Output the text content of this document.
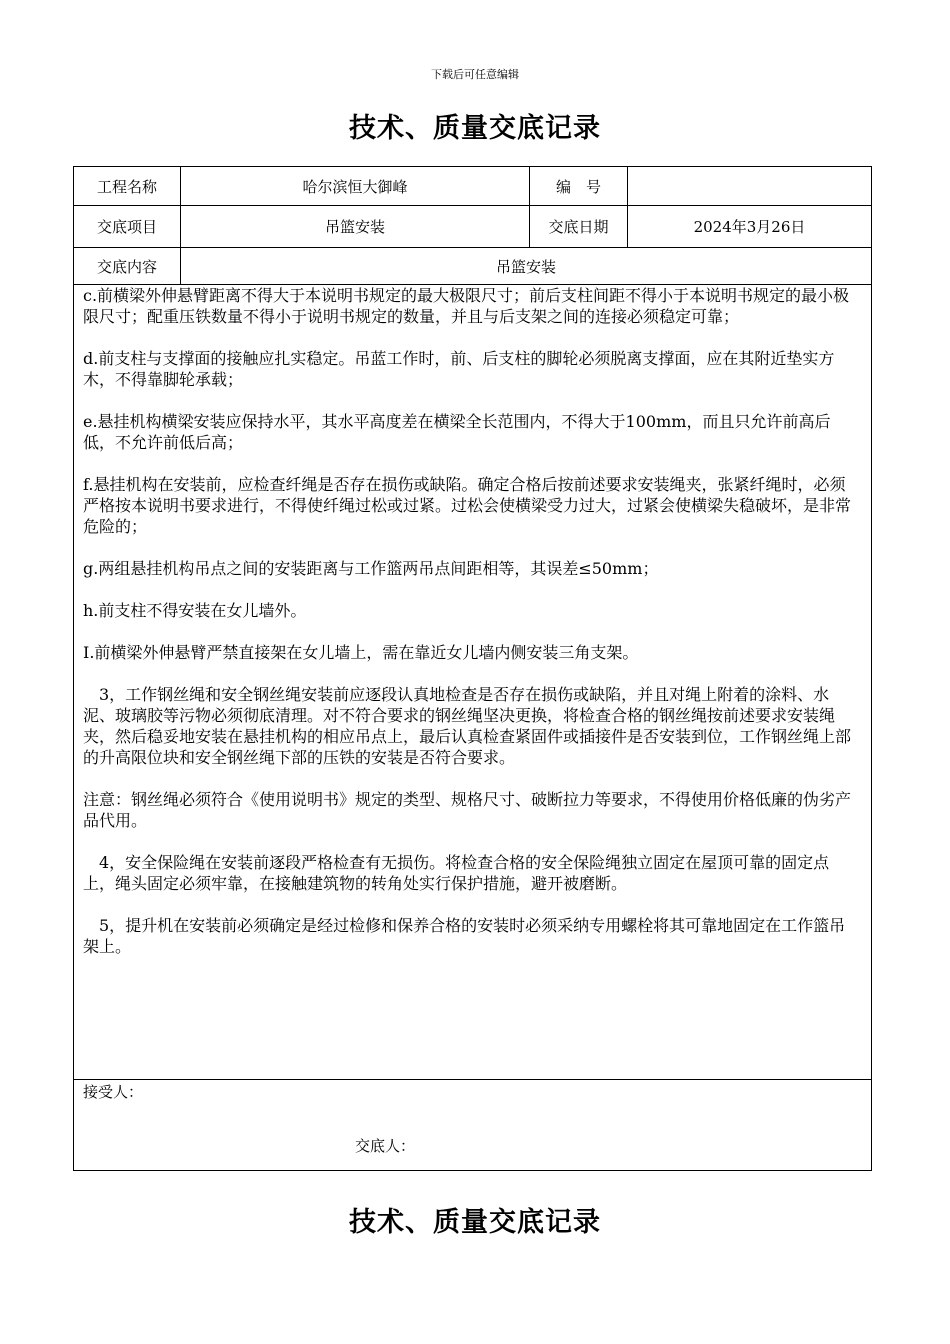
下载后可任意编辑
技术、质量交底记录
工程名称	哈尔滨恒大御峰	编　号
交底项目	吊篮安装	交底日期	2024年3月26日
交底内容	吊篮安装

c.前横梁外伸悬臂距离不得大于本说明书规定的最大极限尺寸；前后支柱间距不得小于本说明书规定的最小极限尺寸；配重压铁数量不得小于说明书规定的数量，并且与后支架之间的连接必须稳定可靠；

d.前支柱与支撑面的接触应扎实稳定。吊蓝工作时，前、后支柱的脚轮必须脱离支撑面，应在其附近垫实方木，不得靠脚轮承载；

e.悬挂机构横梁安装应保持水平，其水平高度差在横梁全长范围内，不得大于100mm，而且只允许前高后低，不允许前低后高；

f.悬挂机构在安装前，应检查纤绳是否存在损伤或缺陷。确定合格后按前述要求安装绳夹，张紧纤绳时，必须严格按本说明书要求进行，不得使纤绳过松或过紧。过松会使横梁受力过大，过紧会使横梁失稳破坏，是非常危险的；

g.两组悬挂机构吊点之间的安装距离与工作篮两吊点间距相等，其误差≤50mm；

h.前支柱不得安装在女儿墙外。

I.前横梁外伸悬臂严禁直接架在女儿墙上，需在靠近女儿墙内侧安装三角支架。

3，工作钢丝绳和安全钢丝绳安装前应逐段认真地检查是否存在损伤或缺陷，并且对绳上附着的涂料、水泥、玻璃胶等污物必须彻底清理。对不符合要求的钢丝绳坚决更换，将检查合格的钢丝绳按前述要求安装绳夹，然后稳妥地安装在悬挂机构的相应吊点上，最后认真检查紧固件或插接件是否安装到位，工作钢丝绳上部的升高限位块和安全钢丝绳下部的压铁的安装是否符合要求。

注意：钢丝绳必须符合《使用说明书》规定的类型、规格尺寸、破断拉力等要求，不得使用价格低廉的伪劣产品代用。

4，安全保险绳在安装前逐段严格检查有无损伤。将检查合格的安全保险绳独立固定在屋顶可靠的固定点上，绳头固定必须牢靠，在接触建筑物的转角处实行保护措施，避开被磨断。

5，提升机在安装前必须确定是经过检修和保养合格的安装时必须采纳专用螺栓将其可靠地固定在工作篮吊架上。

接受人：
交底人：
技术、质量交底记录
